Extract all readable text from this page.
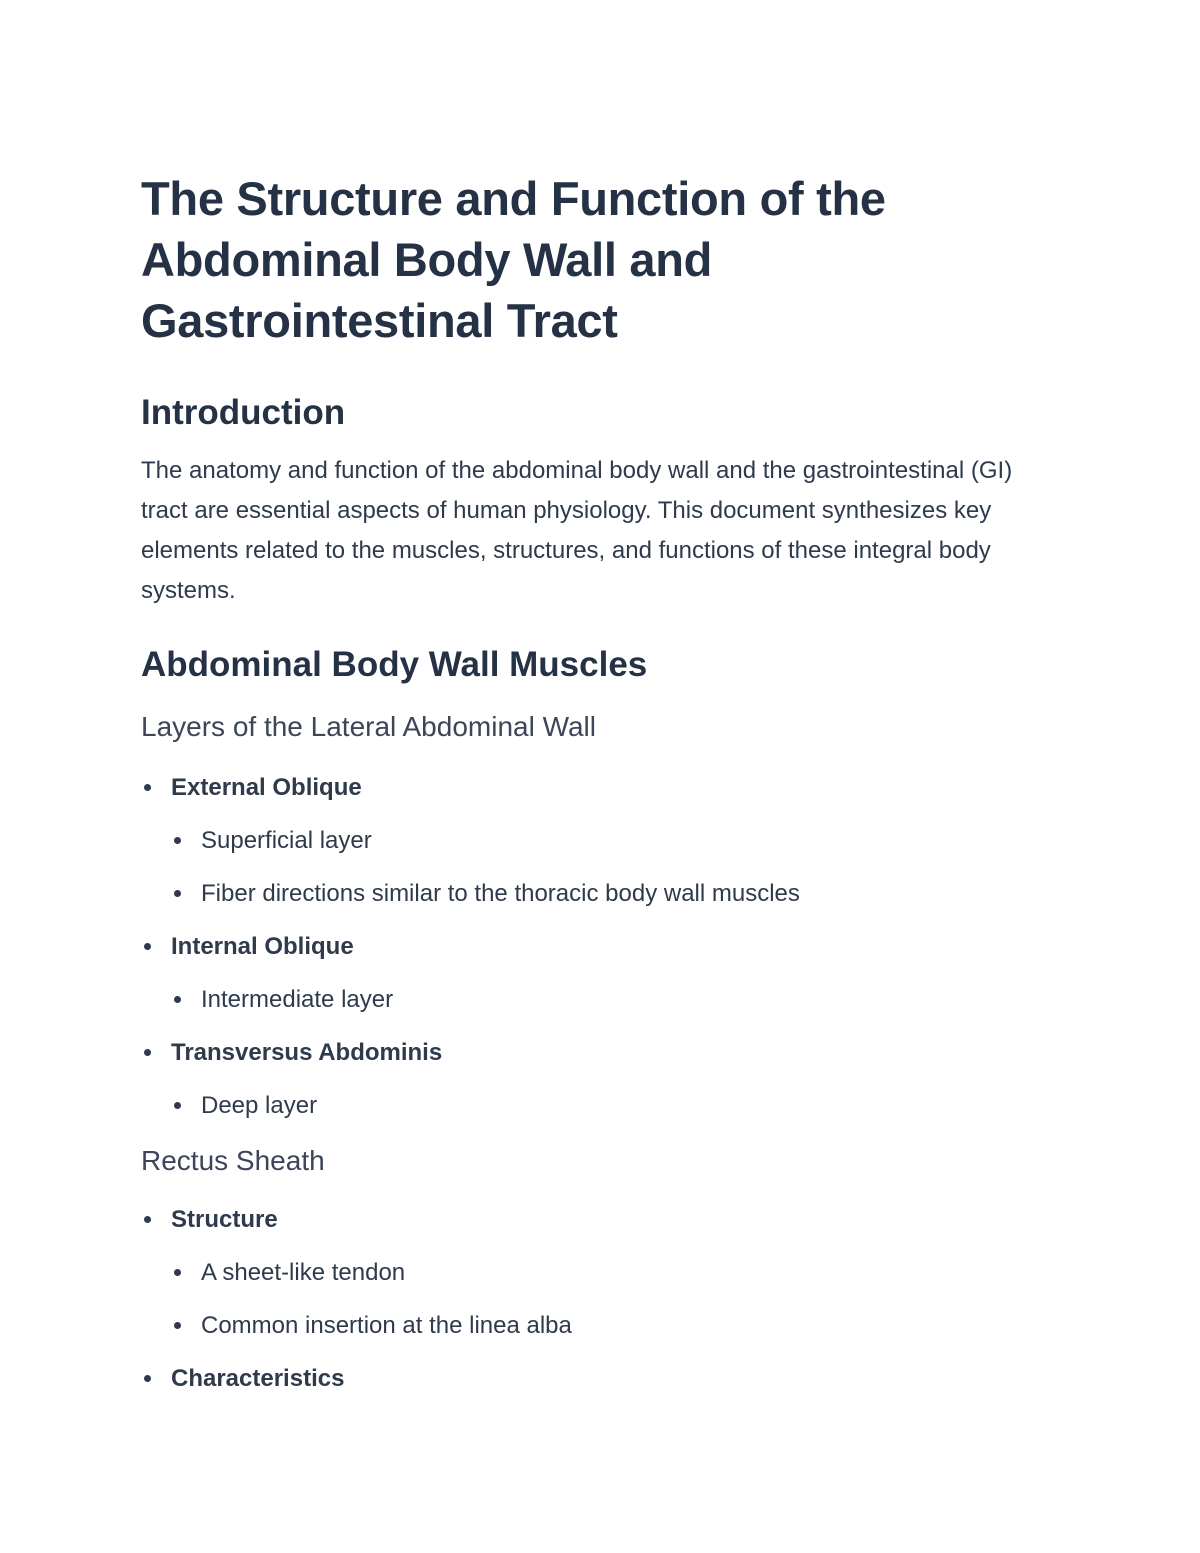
The Structure and Function of the Abdominal Body Wall and Gastrointestinal Tract
Introduction

The anatomy and function of the abdominal body wall and the gastrointestinal (GI) tract are essential aspects of human physiology. This document synthesizes key elements related to the muscles, structures, and functions of these integral body systems.

Abdominal Body Wall Muscles
Layers of the Lateral Abdominal Wall
External Oblique
Superficial layer
Fiber directions similar to the thoracic body wall muscles
Internal Oblique
Intermediate layer
Transversus Abdominis
Deep layer
Rectus Sheath
Structure
A sheet-like tendon
Common insertion at the linea alba
Characteristics
